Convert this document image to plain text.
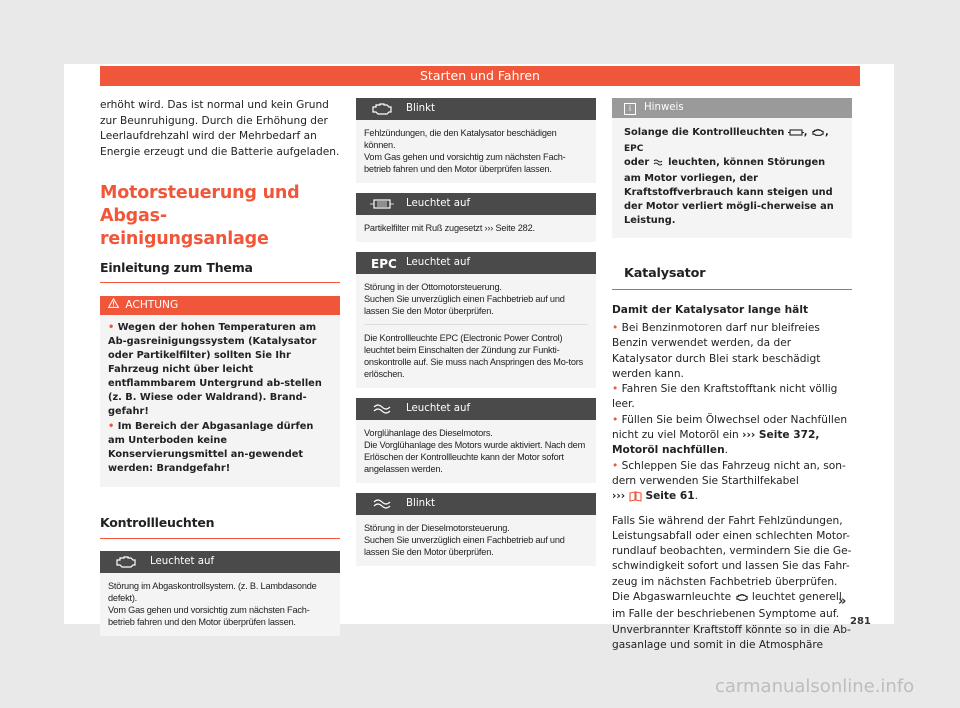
Starten und Fahren

erhöht wird. Das ist normal und kein Grund zur Beunruhigung. Durch die Erhöhung der Leerlaufdrehzahl wird der Mehrbedarf an Energie erzeugt und die Batterie aufgeladen.

Motorsteuerung und Abgas-
reinigungsanlage
Einleitung zum Thema
ACHTUNG

• Wegen der hohen Temperaturen am Ab-gasreinigungssystem (Katalysator oder Partikelfilter) sollten Sie Ihr Fahrzeug nicht über leicht entflammbarem Untergrund ab-stellen (z. B. Wiese oder Waldrand). Brand-gefahr!

• Im Bereich der Abgasanlage dürfen am Unterboden keine Konservierungsmittel an-gewendet werden: Brandgefahr!

Kontrollleuchten
Leuchtet auf
Störung im Abgaskontrollsystem. (z. B. Lambdasonde defekt).
Vom Gas gehen und vorsichtig zum nächsten Fach-betrieb fahren und den Motor überprüfen lassen.
Blinkt

Fehlzündungen, die den Katalysator beschädigen können.
Vom Gas gehen und vorsichtig zum nächsten Fach-betrieb fahren und den Motor überprüfen lassen.

Leuchtet auf

Partikelfilter mit Ruß zugesetzt ››› Seite 282.

EPC Leuchtet auf

Störung in der Ottomotorsteuerung.
Suchen Sie unverzüglich einen Fachbetrieb auf und lassen Sie den Motor überprüfen.

Die Kontrollleuchte EPC (Electronic Power Control) leuchtet beim Einschalten der Zündung zur Funkti-onskontrolle auf. Sie muss nach Anspringen des Mo-tors erlöschen.

Leuchtet auf

Vorglühanlage des Dieselmotors.
Die Vorglühanlage des Motors wurde aktiviert. Nach dem Erlöschen der Kontrollleuchte kann der Motor sofort angelassen werden.

Blinkt

Störung in der Dieselmotorsteuerung.
Suchen Sie unverzüglich einen Fachbetrieb auf und lassen Sie den Motor überprüfen.

i Hinweis
Solange die Kontrollleuchten , , EPC
oder leuchten, können Störungen am Motor vorliegen, der Kraftstoffverbrauch kann steigen und der Motor verliert mögli-cherweise an Leistung.
Katalysator
Damit der Katalysator lange hält

• Bei Benzinmotoren darf nur bleifreies Benzin verwendet werden, da der Katalysator durch Blei stark beschädigt werden kann.

• Fahren Sie den Kraftstofftank nicht völlig leer.

• Füllen Sie beim Ölwechsel oder Nachfüllen nicht zu viel Motoröl ein ››› Seite 372, Motoröl nachfüllen.

• Schleppen Sie das Fahrzeug nicht an, son-dern verwenden Sie Starthilfekabel
›››  Seite 61.

Falls Sie während der Fahrt Fehlzündungen, Leistungsabfall oder einen schlechten Motor-rundlauf beobachten, vermindern Sie die Ge-schwindigkeit sofort und lassen Sie das Fahr-zeug im nächsten Fachbetrieb überprüfen.

Die Abgaswarnleuchte leuchtet generell im Falle der beschriebenen Symptome auf. Unverbrannter Kraftstoff könnte so in die Ab-gasanlage und somit in die Atmosphäre

»
281
carmanualsonline.info
